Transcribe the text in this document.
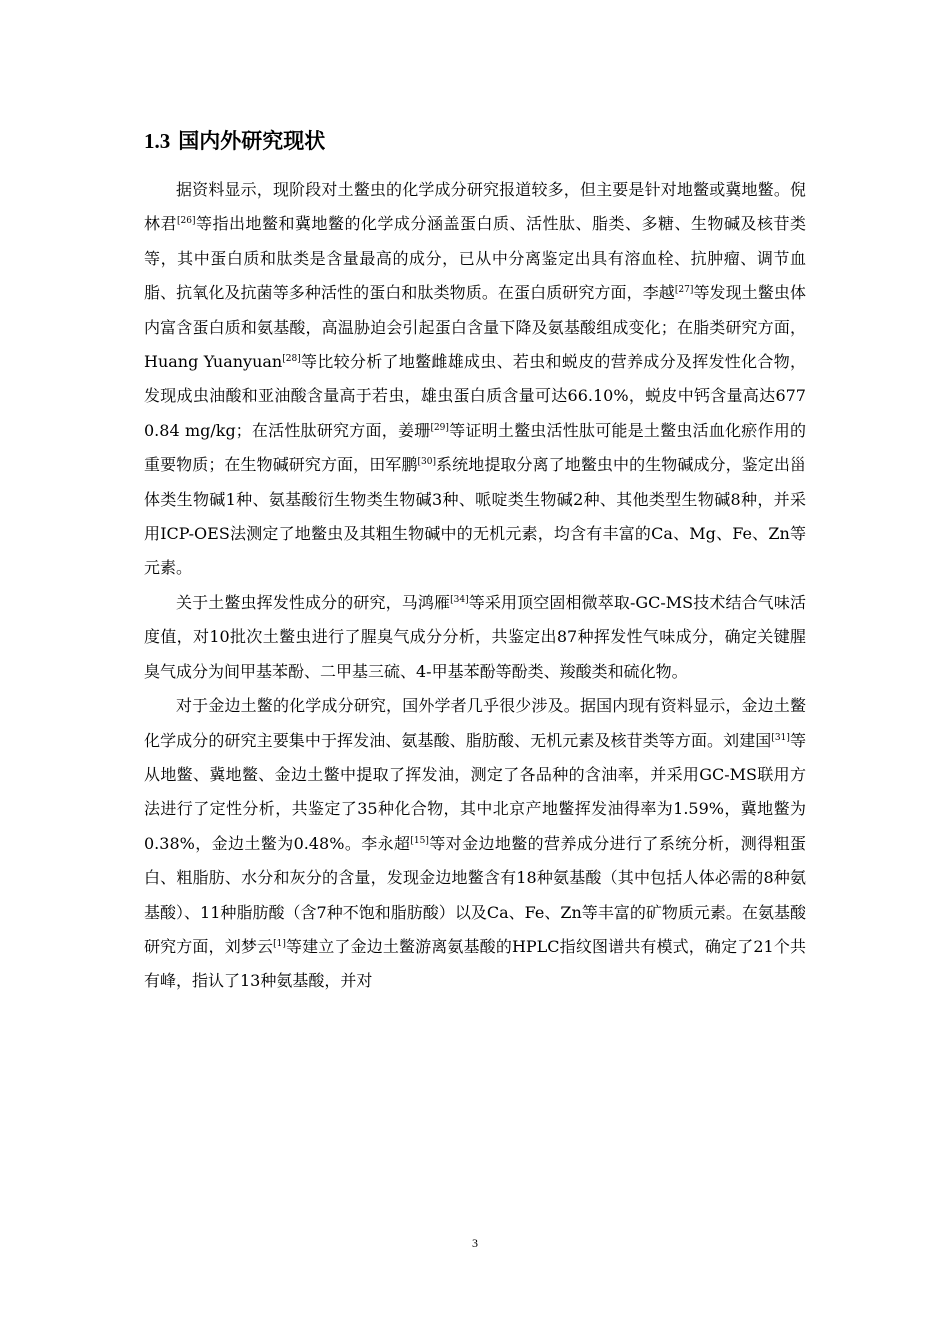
1.3 国内外研究现状

据资料显示，现阶段对土鳖虫的化学成分研究报道较多，但主要是针对地鳖或冀地鳖。倪林君[26]等指出地鳖和冀地鳖的化学成分涵盖蛋白质、活性肽、脂类、多糖、生物碱及核苷类等，其中蛋白质和肽类是含量最高的成分，已从中分离鉴定出具有溶血栓、抗肿瘤、调节血脂、抗氧化及抗菌等多种活性的蛋白和肽类物质。在蛋白质研究方面，李越[27]等发现土鳖虫体内富含蛋白质和氨基酸，高温胁迫会引起蛋白含量下降及氨基酸组成变化；在脂类研究方面，Huang Yuanyuan[28]等比较分析了地鳖雌雄成虫、若虫和蜕皮的营养成分及挥发性化合物，发现成虫油酸和亚油酸含量高于若虫，雄虫蛋白质含量可达66.10%，蜕皮中钙含量高达6770.84 mg/kg；在活性肽研究方面，姜珊[29]等证明土鳖虫活性肽可能是土鳖虫活血化瘀作用的重要物质；在生物碱研究方面，田军鹏[30]系统地提取分离了地鳖虫中的生物碱成分，鉴定出甾体类生物碱1种、氨基酸衍生物类生物碱3种、哌啶类生物碱2种、其他类型生物碱8种，并采用ICP-OES法测定了地鳖虫及其粗生物碱中的无机元素，均含有丰富的Ca、Mg、Fe、Zn等元素。

关于土鳖虫挥发性成分的研究，马鸿雁[34]等采用顶空固相微萃取-GC-MS技术结合气味活度值，对10批次土鳖虫进行了腥臭气成分分析，共鉴定出87种挥发性气味成分，确定关键腥臭气成分为间甲基苯酚、二甲基三硫、4-甲基苯酚等酚类、羧酸类和硫化物。

对于金边土鳖的化学成分研究，国外学者几乎很少涉及。据国内现有资料显示，金边土鳖化学成分的研究主要集中于挥发油、氨基酸、脂肪酸、无机元素及核苷类等方面。刘建国[31]等从地鳖、冀地鳖、金边土鳖中提取了挥发油，测定了各品种的含油率，并采用GC-MS联用方法进行了定性分析，共鉴定了35种化合物，其中北京产地鳖挥发油得率为1.59%，冀地鳖为0.38%，金边土鳖为0.48%。李永超[15]等对金边地鳖的营养成分进行了系统分析，测得粗蛋白、粗脂肪、水分和灰分的含量，发现金边地鳖含有18种氨基酸（其中包括人体必需的8种氨基酸）、11种脂肪酸（含7种不饱和脂肪酸）以及Ca、Fe、Zn等丰富的矿物质元素。在氨基酸研究方面，刘梦云[1]等建立了金边土鳖游离氨基酸的HPLC指纹图谱共有模式，确定了21个共有峰，指认了13种氨基酸，并对

3
